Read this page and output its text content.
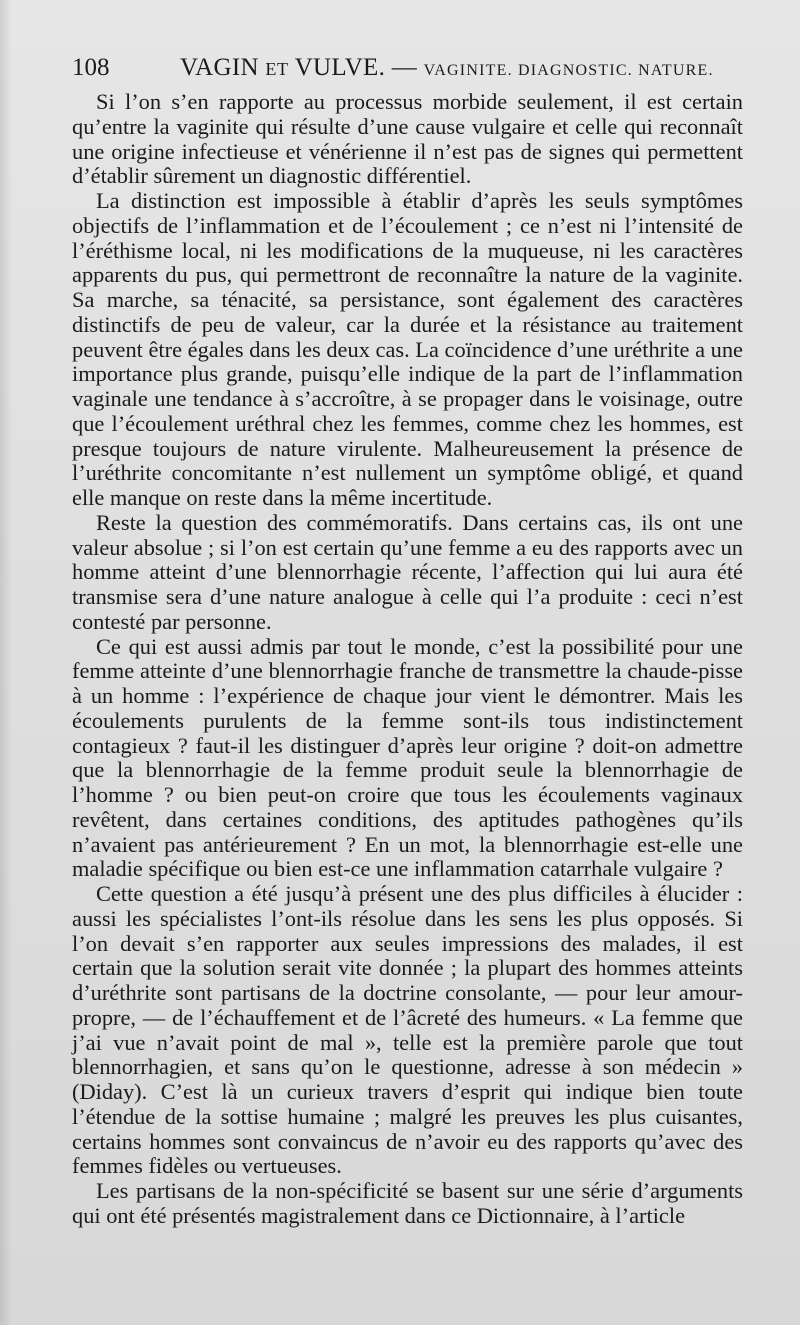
108	VAGIN ET VULVE. — VAGINITE. DIAGNOSTIC. NATURE.

Si l’on s’en rapporte au processus morbide seulement, il est certain qu’entre la vaginite qui résulte d’une cause vulgaire et celle qui reconnaît une origine infectieuse et vénérienne il n’est pas de signes qui permettent d’établir sûrement un diagnostic différentiel.

La distinction est impossible à établir d’après les seuls symptômes objectifs de l’inflammation et de l’écoulement ; ce n’est ni l’intensité de l’éréthisme local, ni les modifications de la muqueuse, ni les caractères apparents du pus, qui permettront de reconnaître la nature de la vaginite. Sa marche, sa ténacité, sa persistance, sont également des caractères distinctifs de peu de valeur, car la durée et la résistance au traitement peuvent être égales dans les deux cas. La coïncidence d’une uréthrite a une importance plus grande, puisqu’elle indique de la part de l’inflammation vaginale une tendance à s’accroître, à se propager dans le voisinage, outre que l’écoulement uréthral chez les femmes, comme chez les hommes, est presque toujours de nature virulente. Malheureusement la présence de l’uréthrite concomitante n’est nullement un symptôme obligé, et quand elle manque on reste dans la même incertitude.

Reste la question des commémoratifs. Dans certains cas, ils ont une valeur absolue ; si l’on est certain qu’une femme a eu des rapports avec un homme atteint d’une blennorrhagie récente, l’affection qui lui aura été transmise sera d’une nature analogue à celle qui l’a produite : ceci n’est contesté par personne.

Ce qui est aussi admis par tout le monde, c’est la possibilité pour une femme atteinte d’une blennorrhagie franche de transmettre la chaude-pisse à un homme : l’expérience de chaque jour vient le démontrer. Mais les écoulements purulents de la femme sont-ils tous indistinctement contagieux ? faut-il les distinguer d’après leur origine ? doit-on admettre que la blennorrhagie de la femme produit seule la blennorrhagie de l’homme ? ou bien peut-on croire que tous les écoulements vaginaux revêtent, dans certaines conditions, des aptitudes pathogènes qu’ils n’avaient pas antérieurement ? En un mot, la blennorrhagie est-elle une maladie spécifique ou bien est-ce une inflammation catarrhale vulgaire ?

Cette question a été jusqu’à présent une des plus difficiles à élucider : aussi les spécialistes l’ont-ils résolue dans les sens les plus opposés. Si l’on devait s’en rapporter aux seules impressions des malades, il est certain que la solution serait vite donnée ; la plupart des hommes atteints d’uréthrite sont partisans de la doctrine consolante, — pour leur amour-propre, — de l’échauffement et de l’âcreté des humeurs. « La femme que j’ai vue n’avait point de mal », telle est la première parole que tout blennorrhagien, et sans qu’on le questionne, adresse à son médecin » (Diday). C’est là un curieux travers d’esprit qui indique bien toute l’étendue de la sottise humaine ; malgré les preuves les plus cuisantes, certains hommes sont convaincus de n’avoir eu des rapports qu’avec des femmes fidèles ou vertueuses.

Les partisans de la non-spécificité se basent sur une série d’arguments qui ont été présentés magistralement dans ce Dictionnaire, à l’article
